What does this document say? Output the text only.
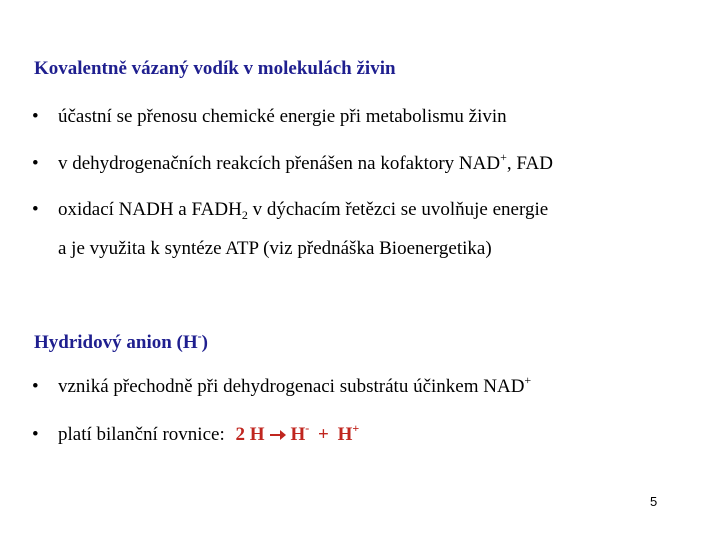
Kovalentně vázaný vodík v molekulách živin
• účastní se přenosu chemické energie při metabolismu živin
• v dehydrogenačních reakcích přenášen na kofaktory NAD+, FAD
• oxidací NADH a $FADH_2$ v dýchacím řetězci se uvolňuje energie
a je využita k syntéze ATP (viz přednáška Bioenergetika)
Hydridový anion (H-)
• vzniká přechodně při dehydrogenaci substrátu účinkem NAD+
• platí bilanční rovnice: 2 H H- + H+
5
